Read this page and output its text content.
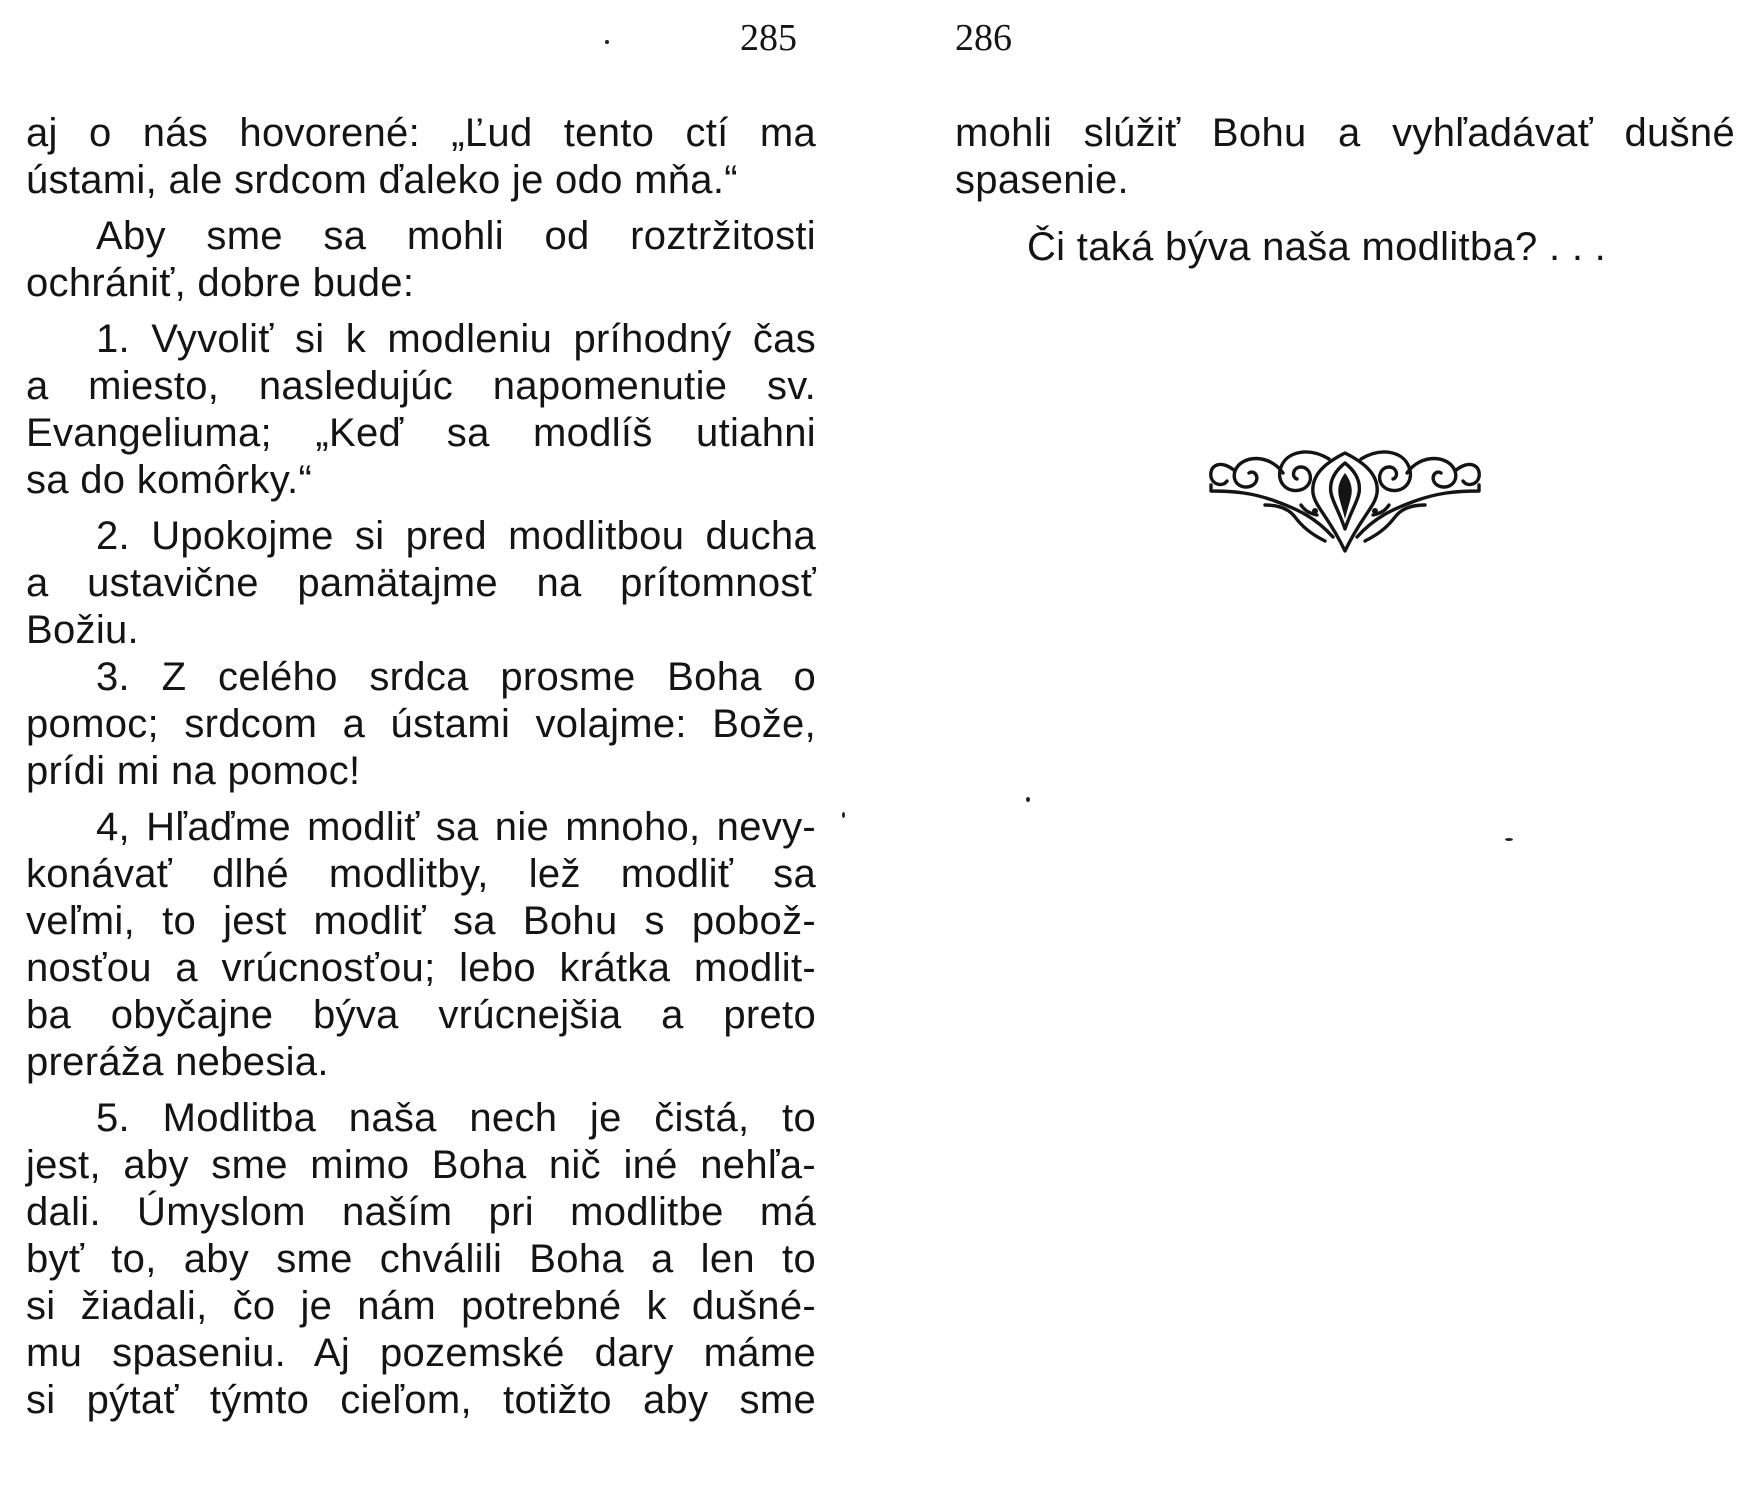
285	286
aj o nás hovorené: „Ľud tento ctí ma
ústami, ale srdcom ďaleko je odo mňa.“
Aby sme sa mohli od roztržitosti
ochrániť, dobre bude:
1. Vyvoliť si k modleniu príhodný čas
a miesto, nasledujúc napomenutie sv.
Evangeliuma; „Keď sa modlíš utiahni
sa do komôrky.“
2. Upokojme si pred modlitbou ducha
a ustavične pamätajme na prítomnosť
Božiu.
3. Z celého srdca prosme Boha o
pomoc; srdcom a ústami volajme: Bože,
prídi mi na pomoc!
4, Hľaďme modliť sa nie mnoho, nevy-
konávať dlhé modlitby, lež modliť sa
veľmi, to jest modliť sa Bohu s pobož-
nosťou a vrúcnosťou; lebo krátka modlit-
ba obyčajne býva vrúcnejšia a preto
preráža nebesia.
5. Modlitba naša nech je čistá, to
jest, aby sme mimo Boha nič iné nehľa-
dali. Úmyslom naším pri modlitbe má
byť to, aby sme chválili Boha a len to
si žiadali, čo je nám potrebné k dušné-
mu spaseniu. Aj pozemské dary máme
si pýtať týmto cieľom, totižto aby sme
mohli slúžiť Bohu a vyhľadávať dušné
spasenie.
Či taká býva naša modlitba? . . .
